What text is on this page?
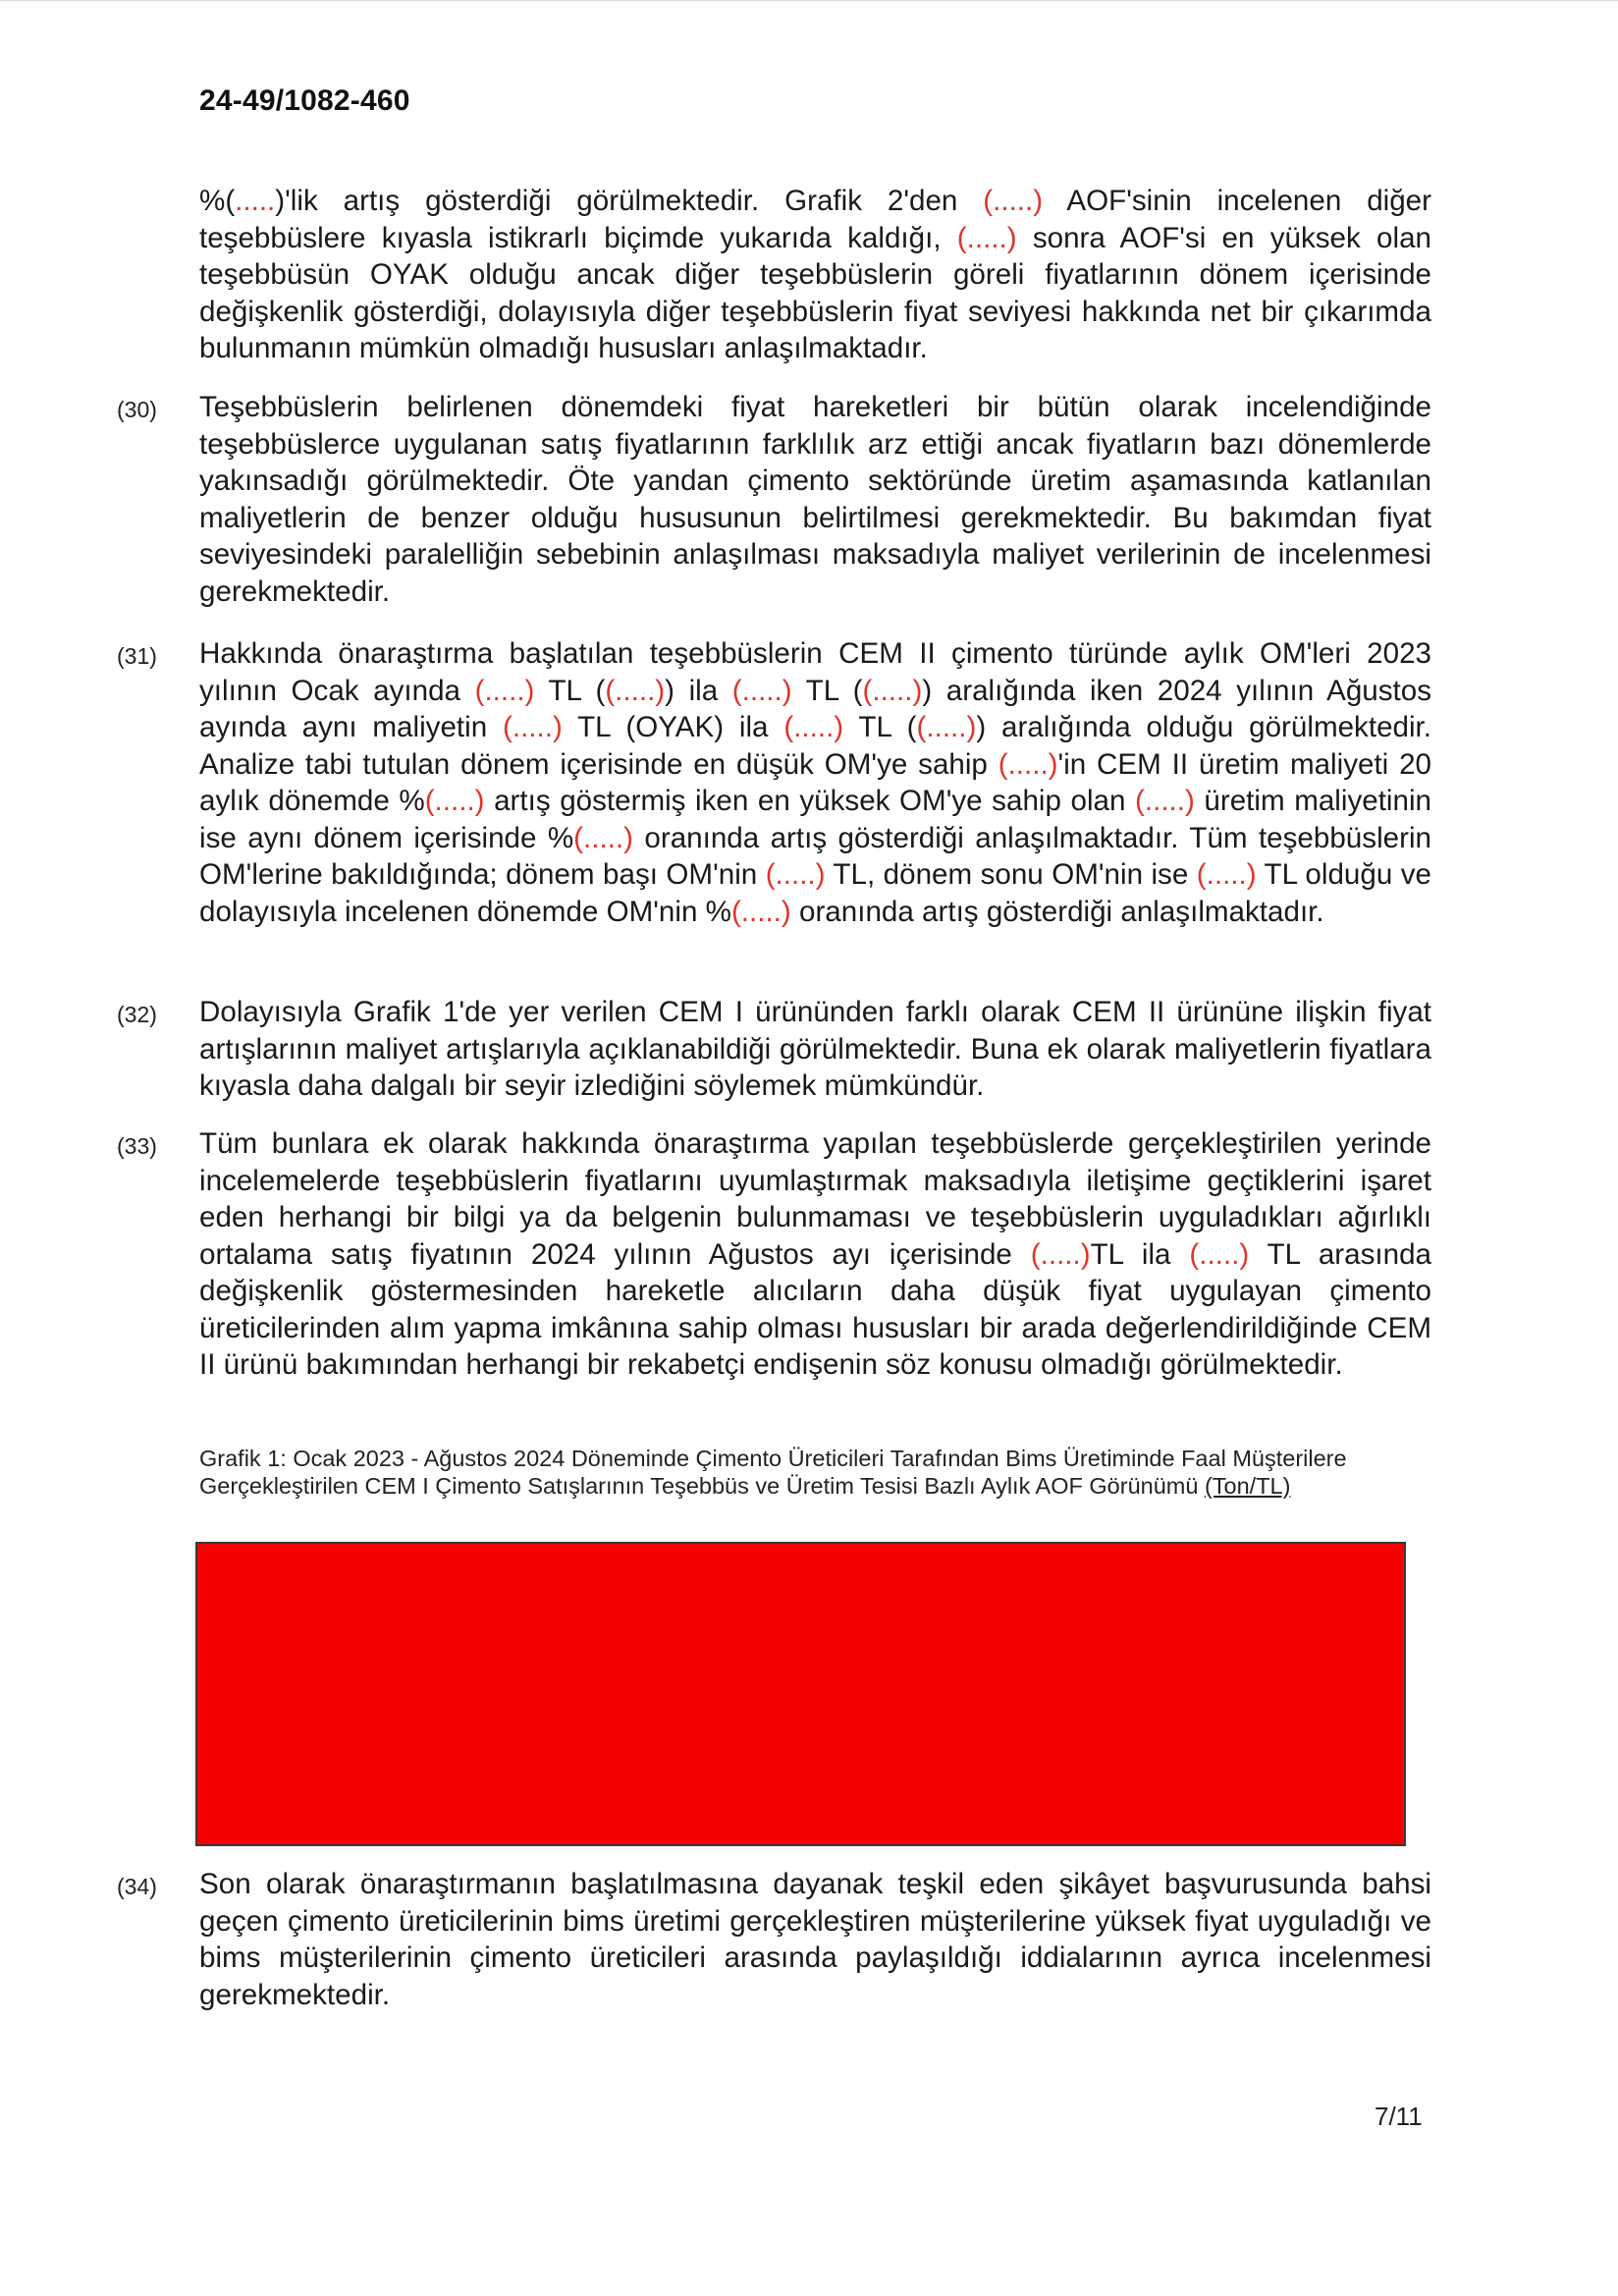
24-49/1082-460
%(.....)'lik artış gösterdiği görülmektedir. Grafik 2'den (.....) AOF'sinin incelenen diğer teşebbüslere kıyasla istikrarlı biçimde yukarıda kaldığı, (.....) sonra AOF'si en yüksek olan teşebbüsün OYAK olduğu ancak diğer teşebbüslerin göreli fiyatlarının dönem içerisinde değişkenlik gösterdiği, dolayısıyla diğer teşebbüslerin fiyat seviyesi hakkında net bir çıkarımda bulunmanın mümkün olmadığı hususları anlaşılmaktadır.
(30) Teşebbüslerin belirlenen dönemdeki fiyat hareketleri bir bütün olarak incelendiğinde teşebbüslerce uygulanan satış fiyatlarının farklılık arz ettiği ancak fiyatların bazı dönemlerde yakınsadığı görülmektedir. Öte yandan çimento sektöründe üretim aşamasında katlanılan maliyetlerin de benzer olduğu hususunun belirtilmesi gerekmektedir. Bu bakımdan fiyat seviyesindeki paralelliğin sebebinin anlaşılması maksadıyla maliyet verilerinin de incelenmesi gerekmektedir.
(31) Hakkında önaraştırma başlatılan teşebbüslerin CEM II çimento türünde aylık OM'leri 2023 yılının Ocak ayında (.....) TL ((.....)) ila (.....) TL ((.....)) aralığında iken 2024 yılının Ağustos ayında aynı maliyetin (.....) TL (OYAK) ila (.....) TL ((.....)) aralığında olduğu görülmektedir. Analize tabi tutulan dönem içerisinde en düşük OM'ye sahip (.....)'in CEM II üretim maliyeti 20 aylık dönemde %(.....) artış göstermiş iken en yüksek OM'ye sahip olan (.....) üretim maliyetinin ise aynı dönem içerisinde %(.....) oranında artış gösterdiği anlaşılmaktadır. Tüm teşebbüslerin OM'lerine bakıldığında; dönem başı OM'nin (.....) TL, dönem sonu OM'nin ise (.....) TL olduğu ve dolayısıyla incelenen dönemde OM'nin %(.....) oranında artış gösterdiği anlaşılmaktadır.
(32) Dolayısıyla Grafik 1'de yer verilen CEM I ürününden farklı olarak CEM II ürününe ilişkin fiyat artışlarının maliyet artışlarıyla açıklanabildiği görülmektedir. Buna ek olarak maliyetlerin fiyatlara kıyasla daha dalgalı bir seyir izlediğini söylemek mümkündür.
(33) Tüm bunlara ek olarak hakkında önaraştırma yapılan teşebbüslerde gerçekleştirilen yerinde incelemelerde teşebbüslerin fiyatlarını uyumlaştırmak maksadıyla iletişime geçtiklerini işaret eden herhangi bir bilgi ya da belgenin bulunmaması ve teşebbüslerin uyguladıkları ağırlıklı ortalama satış fiyatının 2024 yılının Ağustos ayı içerisinde (.....)TL ila (.....) TL arasında değişkenlik göstermesinden hareketle alıcıların daha düşük fiyat uygulayan çimento üreticilerinden alım yapma imkânına sahip olması hususları bir arada değerlendirildiğinde CEM II ürünü bakımından herhangi bir rekabetçi endişenin söz konusu olmadığı görülmektedir.
Grafik 1: Ocak 2023 - Ağustos 2024 Döneminde Çimento Üreticileri Tarafından Bims Üretiminde Faal Müşterilere Gerçekleştirilen CEM I Çimento Satışlarının Teşebbüs ve Üretim Tesisi Bazlı Aylık AOF Görünümü (Ton/TL)
(34) Son olarak önaraştırmanın başlatılmasına dayanak teşkil eden şikâyet başvurusunda bahsi geçen çimento üreticilerinin bims üretimi gerçekleştiren müşterilerine yüksek fiyat uyguladığı ve bims müşterilerinin çimento üreticileri arasında paylaşıldığı iddialarının ayrıca incelenmesi gerekmektedir.
7/11
